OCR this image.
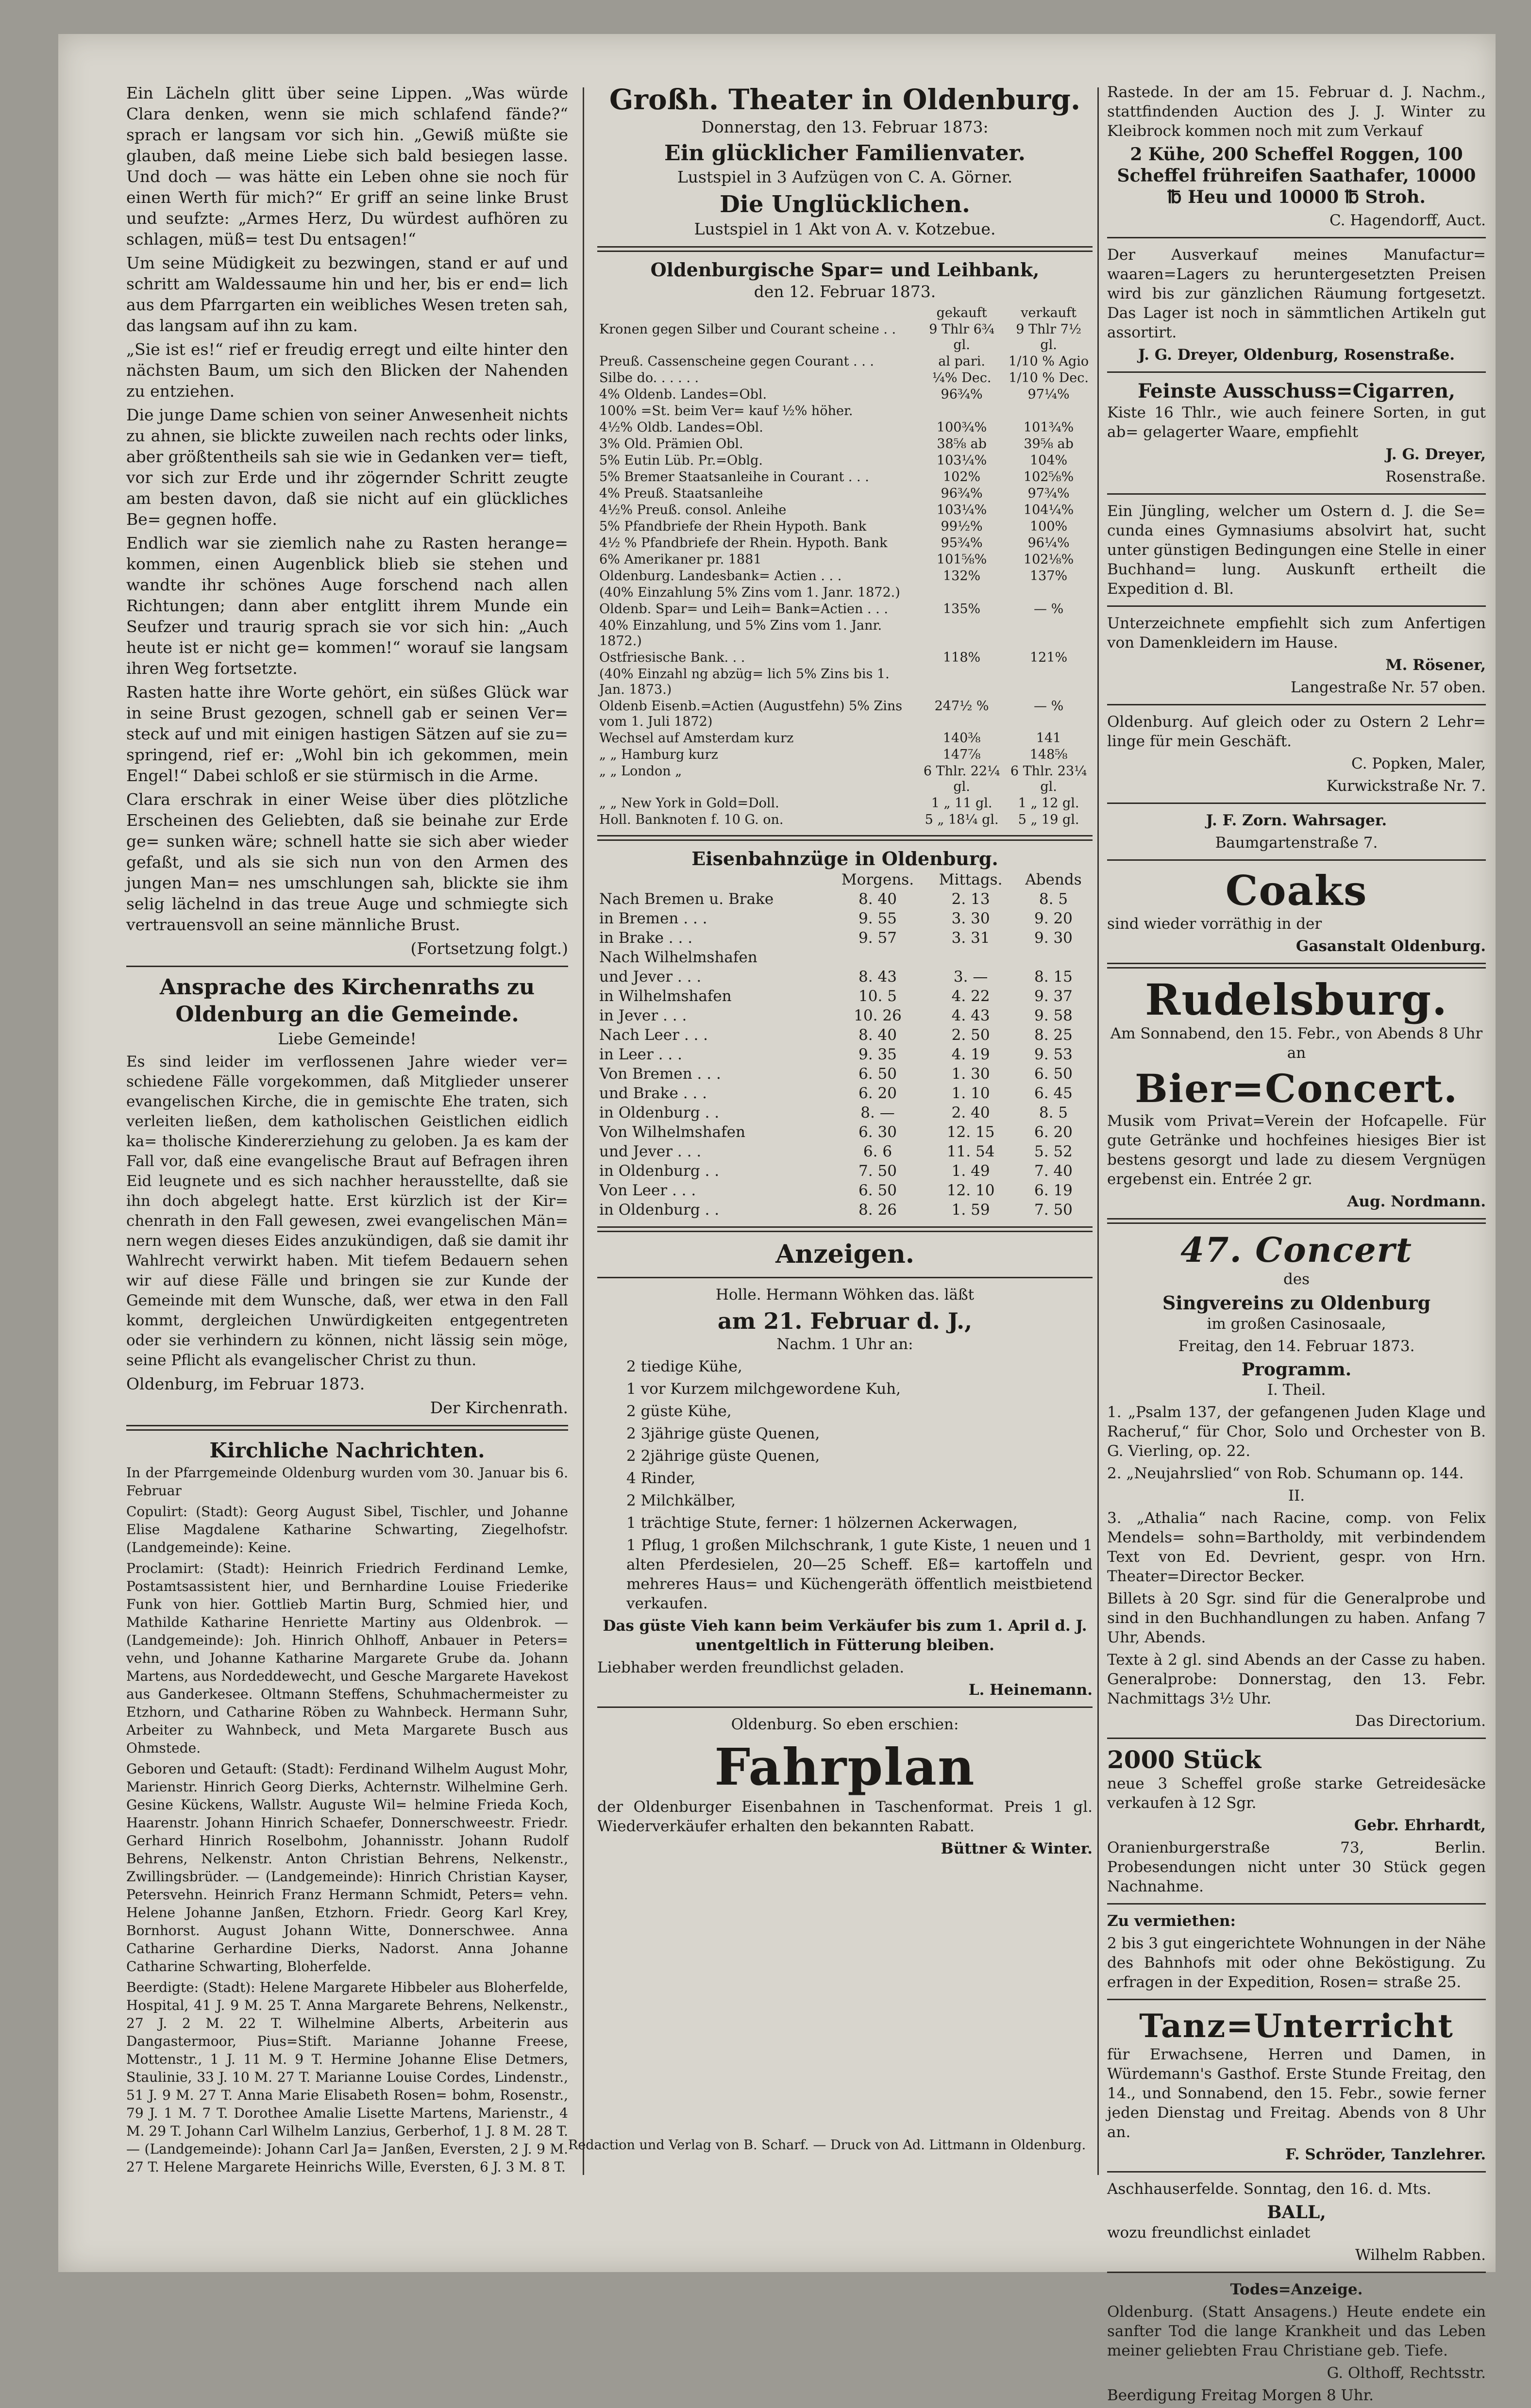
Ein Lächeln glitt über seine Lippen. „Was würde Clara denken, wenn sie mich schlafend fände?“ sprach er langsam vor sich hin. „Gewiß müßte sie glauben, daß meine Liebe sich bald besiegen lasse. Und doch — was hätte ein Leben ohne sie noch für einen Werth für mich?“ Er griff an seine linke Brust und seufzte: „Armes Herz, Du würdest aufhören zu schlagen, müß= test Du entsagen!“

Um seine Müdigkeit zu bezwingen, stand er auf und schritt am Waldessaume hin und her, bis er end= lich aus dem Pfarrgarten ein weibliches Wesen treten sah, das langsam auf ihn zu kam.

„Sie ist es!“ rief er freudig erregt und eilte hinter den nächsten Baum, um sich den Blicken der Nahenden zu entziehen.

Die junge Dame schien von seiner Anwesenheit nichts zu ahnen, sie blickte zuweilen nach rechts oder links, aber größtentheils sah sie wie in Gedanken ver= tieft, vor sich zur Erde und ihr zögernder Schritt zeugte am besten davon, daß sie nicht auf ein glückliches Be= gegnen hoffe.

Endlich war sie ziemlich nahe zu Rasten herange= kommen, einen Augenblick blieb sie stehen und wandte ihr schönes Auge forschend nach allen Richtungen; dann aber entglitt ihrem Munde ein Seufzer und traurig sprach sie vor sich hin: „Auch heute ist er nicht ge= kommen!“ worauf sie langsam ihren Weg fortsetzte.

Rasten hatte ihre Worte gehört, ein süßes Glück war in seine Brust gezogen, schnell gab er seinen Ver= steck auf und mit einigen hastigen Sätzen auf sie zu= springend, rief er: „Wohl bin ich gekommen, mein Engel!“ Dabei schloß er sie stürmisch in die Arme.

Clara erschrak in einer Weise über dies plötzliche Erscheinen des Geliebten, daß sie beinahe zur Erde ge= sunken wäre; schnell hatte sie sich aber wieder gefaßt, und als sie sich nun von den Armen des jungen Man= nes umschlungen sah, blickte sie ihm selig lächelnd in das treue Auge und schmiegte sich vertrauensvoll an seine männliche Brust.

(Fortsetzung folgt.)

Ansprache des Kirchenraths zu Oldenburg an die Gemeinde.

Liebe Gemeinde!

Es sind leider im verflossenen Jahre wieder ver= schiedene Fälle vorgekommen, daß Mitglieder unserer evangelischen Kirche, die in gemischte Ehe traten, sich verleiten ließen, dem katholischen Geistlichen eidlich ka= tholische Kindererziehung zu geloben. Ja es kam der Fall vor, daß eine evangelische Braut auf Befragen ihren Eid leugnete und es sich nachher herausstellte, daß sie ihn doch abgelegt hatte. Erst kürzlich ist der Kir= chenrath in den Fall gewesen, zwei evangelischen Män= nern wegen dieses Eides anzukündigen, daß sie damit ihr Wahlrecht verwirkt haben. Mit tiefem Bedauern sehen wir auf diese Fälle und bringen sie zur Kunde der Gemeinde mit dem Wunsche, daß, wer etwa in den Fall kommt, dergleichen Unwürdigkeiten entgegentreten oder sie verhindern zu können, nicht lässig sein möge, seine Pflicht als evangelischer Christ zu thun.

Oldenburg, im Februar 1873.

Der Kirchenrath.

Kirchliche Nachrichten.

In der Pfarrgemeinde Oldenburg wurden vom 30. Januar bis 6. Februar

Copulirt: (Stadt): Georg August Sibel, Tischler, und Johanne Elise Magdalene Katharine Schwarting, Ziegelhofstr. (Landgemeinde): Keine.

Proclamirt: (Stadt): Heinrich Friedrich Ferdinand Lemke, Postamtsassistent hier, und Bernhardine Louise Friederike Funk von hier. Gottlieb Martin Burg, Schmied hier, und Mathilde Katharine Henriette Martiny aus Oldenbrok. — (Landgemeinde): Joh. Hinrich Ohlhoff, Anbauer in Peters= vehn, und Johanne Katharine Margarete Grube da. Johann Martens, aus Nordeddewecht, und Gesche Margarete Havekost aus Ganderkesee. Oltmann Steffens, Schuhmachermeister zu Etzhorn, und Catharine Röben zu Wahnbeck. Hermann Suhr, Arbeiter zu Wahnbeck, und Meta Margarete Busch aus Ohmstede.

Geboren und Getauft: (Stadt): Ferdinand Wilhelm August Mohr, Marienstr. Hinrich Georg Dierks, Achternstr. Wilhelmine Gerh. Gesine Kückens, Wallstr. Auguste Wil= helmine Frieda Koch, Haarenstr. Johann Hinrich Schaefer, Donnerschweestr. Friedr. Gerhard Hinrich Roselbohm, Johannisstr. Johann Rudolf Behrens, Nelkenstr. Anton Christian Behrens, Nelkenstr., Zwillingsbrüder. — (Landgemeinde): Hinrich Christian Kayser, Petersvehn. Heinrich Franz Hermann Schmidt, Peters= vehn. Helene Johanne Janßen, Etzhorn. Friedr. Georg Karl Krey, Bornhorst. August Johann Witte, Donnerschwee. Anna Catharine Gerhardine Dierks, Nadorst. Anna Johanne Catharine Schwarting, Bloherfelde.

Beerdigte: (Stadt): Helene Margarete Hibbeler aus Bloherfelde, Hospital, 41 J. 9 M. 25 T. Anna Margarete Behrens, Nelkenstr., 27 J. 2 M. 22 T. Wilhelmine Alberts, Arbeiterin aus Dangastermoor, Pius=Stift. Marianne Johanne Freese, Mottenstr., 1 J. 11 M. 9 T. Hermine Johanne Elise Detmers, Staulinie, 33 J. 10 M. 27 T. Marianne Louise Cordes, Lindenstr., 51 J. 9 M. 27 T. Anna Marie Elisabeth Rosen= bohm, Rosenstr., 79 J. 1 M. 7 T. Dorothee Amalie Lisette Martens, Marienstr., 4 M. 29 T. Johann Carl Wilhelm Lanzius, Gerberhof, 1 J. 8 M. 28 T. — (Landgemeinde): Johann Carl Ja= Janßen, Eversten, 2 J. 9 M. 27 T. Helene Margarete Heinrichs Wille, Eversten, 6 J. 3 M. 8 T.

Großh. Theater in Oldenburg.

Donnerstag, den 13. Februar 1873:

Ein glücklicher Familienvater.

Lustspiel in 3 Aufzügen von C. A. Görner.

Die Unglücklichen.

Lustspiel in 1 Akt von A. v. Kotzebue.

Oldenburgische Spar= und Leihbank,

den 12. Februar 1873.

	gekauft	verkauft
Kronen gegen Silber und Courant scheine . .	9 Thlr 6¾ gl.	9 Thlr 7½ gl.
Preuß. Cassenscheine gegen Courant . . .	al pari.	1/10 % Agio
Silbe do. . . . . .	¼% Dec.	1/10 % Dec.
4% Oldenb. Landes=Obl.	96¾%	97¼%
100% =St. beim Ver= kauf ½% höher.		
4½% Oldb. Landes=Obl.	100¾%	101¾%
3% Old. Prämien Obl.	38⅝ ab	39⅝ ab
5% Eutin Lüb. Pr.=Oblg.	103¼%	104%
5% Bremer Staatsanleihe in Courant . . .	102%	102⅝%
4% Preuß. Staatsanleihe	96¾%	97¾%
4½% Preuß. consol. Anleihe	103¼%	104¼%
5% Pfandbriefe der Rhein Hypoth. Bank	99½%	100%
4½ % Pfandbriefe der Rhein. Hypoth. Bank	95¾%	96¼%
6% Amerikaner pr. 1881	101⅝%	102⅛%
Oldenburg. Landesbank= Actien . . .	132%	137%
(40% Einzahlung 5% Zins vom 1. Janr. 1872.)		
Oldenb. Spar= und Leih= Bank=Actien . . .	135%	— %
40% Einzahlung, und 5% Zins vom 1. Janr. 1872.)		
Ostfriesische Bank. . .	118%	121%
(40% Einzahl ng abzüg= lich 5% Zins bis 1. Jan. 1873.)		
Oldenb Eisenb.=Actien (Augustfehn) 5% Zins vom 1. Juli 1872)	247½ %	— %
Wechsel auf Amsterdam kurz	140⅜	141
„ „ Hamburg kurz	147⅞	148⅝
„ „ London „	6 Thlr. 22¼ gl.	6 Thlr. 23¼ gl.
„ „ New York in Gold=Doll.	1 „ 11 gl.	1 „ 12 gl.
Holl. Banknoten f. 10 G. on.	5 „ 18¼ gl.	5 „ 19 gl.
Eisenbahnzüge in Oldenburg.
	Morgens.	Mittags.	Abends
Nach Bremen u. Brake	8. 40	2. 13	8. 5
in Bremen . . .	9. 55	3. 30	9. 20
in Brake . . .	9. 57	3. 31	9. 30
Nach Wilhelmshafen			
und Jever . . .	8. 43	3. —	8. 15
in Wilhelmshafen	10. 5	4. 22	9. 37
in Jever . . .	10. 26	4. 43	9. 58
Nach Leer . . .	8. 40	2. 50	8. 25
in Leer . . .	9. 35	4. 19	9. 53
Von Bremen . . .	6. 50	1. 30	6. 50
und Brake . . .	6. 20	1. 10	6. 45
in Oldenburg . .	8. —	2. 40	8. 5
Von Wilhelmshafen	6. 30	12. 15	6. 20
und Jever . . .	6. 6	11. 54	5. 52
in Oldenburg . .	7. 50	1. 49	7. 40
Von Leer . . .	6. 50	12. 10	6. 19
in Oldenburg . .	8. 26	1. 59	7. 50
Anzeigen.

Holle. Hermann Wöhken das. läßt

am 21. Februar d. J.,

Nachm. 1 Uhr an:

2 tiedige Kühe,

1 vor Kurzem milchgewordene Kuh,

2 güste Kühe,

2 3jährige güste Quenen,

2 2jährige güste Quenen,

4 Rinder,

2 Milchkälber,

1 trächtige Stute, ferner: 1 hölzernen Ackerwagen,

1 Pflug, 1 großen Milchschrank, 1 gute Kiste, 1 neuen und 1 alten Pferdesielen, 20—25 Scheff. Eß= kartoffeln und mehreres Haus= und Küchengeräth öffentlich meistbietend verkaufen.

Das güste Vieh kann beim Verkäufer bis zum 1. April d. J. unentgeltlich in Fütterung bleiben.

Liebhaber werden freundlichst geladen.

L. Heinemann.

Oldenburg. So eben erschien:

Fahrplan

der Oldenburger Eisenbahnen in Taschenformat. Preis 1 gl. Wiederverkäufer erhalten den bekannten Rabatt.

Büttner & Winter.

Rastede. In der am 15. Februar d. J. Nachm., stattfindenden Auction des J. J. Winter zu Kleibrock kommen noch mit zum Verkauf

2 Kühe, 200 Scheffel Roggen, 100 Scheffel frühreifen Saathafer, 10000 ℔ Heu und 10000 ℔ Stroh.

C. Hagendorff, Auct.

Der Ausverkauf meines Manufactur= waaren=Lagers zu heruntergesetzten Preisen wird bis zur gänzlichen Räumung fortgesetzt. Das Lager ist noch in sämmtlichen Artikeln gut assortirt.

J. G. Dreyer, Oldenburg, Rosenstraße.

Feinste Ausschuss=Cigarren,

Kiste 16 Thlr., wie auch feinere Sorten, in gut ab= gelagerter Waare, empfiehlt

J. G. Dreyer,

Rosenstraße.

Ein Jüngling, welcher um Ostern d. J. die Se= cunda eines Gymnasiums absolvirt hat, sucht unter günstigen Bedingungen eine Stelle in einer Buchhand= lung. Auskunft ertheilt die Expedition d. Bl.

Unterzeichnete empfiehlt sich zum Anfertigen von Damenkleidern im Hause.

M. Rösener,

Langestraße Nr. 57 oben.

Oldenburg. Auf gleich oder zu Ostern 2 Lehr= linge für mein Geschäft.

C. Popken, Maler,

Kurwickstraße Nr. 7.

J. F. Zorn. Wahrsager.

Baumgartenstraße 7.

Coaks

sind wieder vorräthig in der

Gasanstalt Oldenburg.

Rudelsburg.

Am Sonnabend, den 15. Febr., von Abends 8 Uhr an

Bier=Concert.

Musik vom Privat=Verein der Hofcapelle. Für gute Getränke und hochfeines hiesiges Bier ist bestens gesorgt und lade zu diesem Vergnügen ergebenst ein. Entrée 2 gr.

Aug. Nordmann.

47. Concert

des

Singvereins zu Oldenburg

im großen Casinosaale,

Freitag, den 14. Februar 1873.

Programm.

I. Theil.

1. „Psalm 137, der gefangenen Juden Klage und Racheruf,“ für Chor, Solo und Orchester von B. G. Vierling, op. 22.

2. „Neujahrslied“ von Rob. Schumann op. 144.

II.

3. „Athalia“ nach Racine, comp. von Felix Mendels= sohn=Bartholdy, mit verbindendem Text von Ed. Devrient, gespr. von Hrn. Theater=Director Becker.

Billets à 20 Sgr. sind für die Generalprobe und sind in den Buchhandlungen zu haben. Anfang 7 Uhr, Abends.

Texte à 2 gl. sind Abends an der Casse zu haben. Generalprobe: Donnerstag, den 13. Febr. Nachmittags 3½ Uhr.

Das Directorium.

2000 Stück

neue 3 Scheffel große starke Getreidesäcke verkaufen à 12 Sgr.

Gebr. Ehrhardt,

Oranienburgerstraße 73, Berlin. Probesendungen nicht unter 30 Stück gegen Nachnahme.

Zu vermiethen:

2 bis 3 gut eingerichtete Wohnungen in der Nähe des Bahnhofs mit oder ohne Beköstigung. Zu erfragen in der Expedition, Rosen= straße 25.

Tanz=Unterricht

für Erwachsene, Herren und Damen, in Würdemann's Gasthof. Erste Stunde Freitag, den 14., und Sonnabend, den 15. Febr., sowie ferner jeden Dienstag und Freitag. Abends von 8 Uhr an.

F. Schröder, Tanzlehrer.

Aschhauserfelde. Sonntag, den 16. d. Mts.

BALL,

wozu freundlichst einladet

Wilhelm Rabben.

Todes=Anzeige.

Oldenburg. (Statt Ansagens.) Heute endete ein sanfter Tod die lange Krankheit und das Leben meiner geliebten Frau Christiane geb. Tiefe.

G. Olthoff, Rechtsstr.

Beerdigung Freitag Morgen 8 Uhr.

Redaction und Verlag von B. Scharf. — Druck von Ad. Littmann in Oldenburg.
